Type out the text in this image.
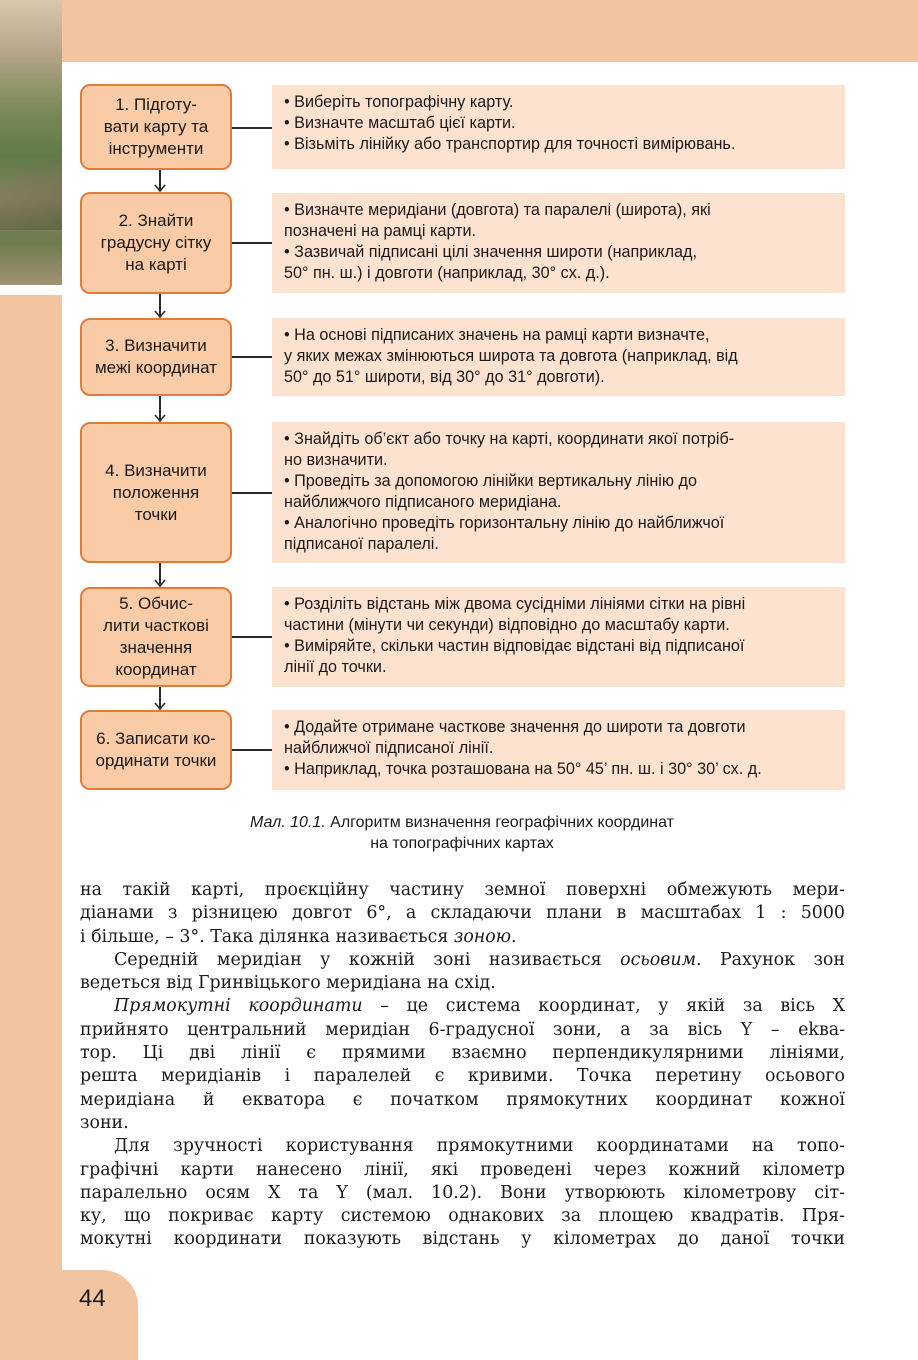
1. Підготу-
вати карту та
інструменти
• Виберіть топографічну карту.
• Визначте масштаб цієї карти.
• Візьміть лінійку або транспортир для точності вимірювань.
2. Знайти
градусну сітку
на карті
• Визначте меридіани (довгота) та паралелі (широта), які
позначені на рамці карти.
• Зазвичай підписані цілі значення широти (наприклад,
50° пн. ш.) і довготи (наприклад, 30° сх. д.).
3. Визначити
межі координат
• На основі підписаних значень на рамці карти визначте,
у яких межах змінюються широта та довгота (наприклад, від
50° до 51° широти, від 30° до 31° довготи).
4. Визначити
положення
точки
• Знайдіть об’єкт або точку на карті, координати якої потріб-
но визначити.
• Проведіть за допомогою лінійки вертикальну лінію до
найближчого підписаного меридіана.
• Аналогічно проведіть горизонтальну лінію до найближчої
підписаної паралелі.
5. Обчис-
лити часткові
значення
координат
• Розділіть відстань між двома сусідніми лініями сітки на рівні
частини (мінути чи секунди) відповідно до масштабу карти.
• Виміряйте, скільки частин відповідає відстані від підписаної
лінії до точки.
6. Записати ко-
ординати точки
• Додайте отримане часткове значення до широти та довготи
найближчої підписаної лінії.
• Наприклад, точка розташована на 50° 45’ пн. ш. і 30° 30’ сх. д.
Мал. 10.1. Алгоритм визначення географічних координат
на топографічних картах
на такій карті, проєкційну частину земної поверхні обмежують мери-
діанами з різницею довгот 6°, а складаючи плани в масштабах 1 : 5000
і більше, – 3°. Така ділянка називається зоною.
Середній меридіан у кожній зоні називається осьовим. Рахунок зон
ведеться від Гринвіцького меридіана на схід.
Прямокутні координати – це система координат, у якій за вісь X
прийнято центральний меридіан 6-градусної зони, а за вісь Y – ekва-
тор. Ці дві лінії є прямими взаємно перпендикулярними лініями,
решта меридіанів і паралелей є кривими. Точка перетину осьового
меридіана й екватора є початком прямокутних координат кожної
зони.
Для зручності користування прямокутними координатами на топо-
графічні карти нанесено лінії, які проведені через кожний кілометр
паралельно осям X та Y (мал. 10.2). Вони утворюють кілометрову сіт-
ку, що покриває карту системою однакових за площею квадратів. Пря-
мокутні координати показують відстань у кілометрах до даної точки
44
